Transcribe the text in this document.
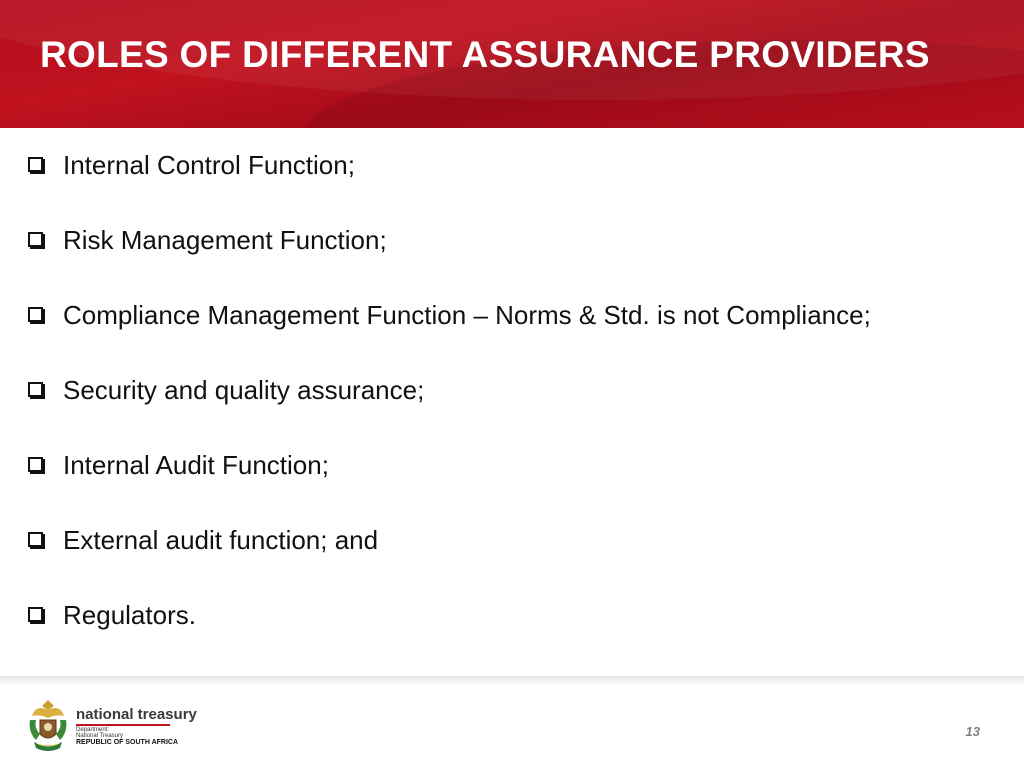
ROLES OF DIFFERENT ASSURANCE PROVIDERS
Internal Control Function;
Risk Management Function;
Compliance Management Function – Norms & Std. is not Compliance;
Security and quality assurance;
Internal Audit Function;
External audit function; and
Regulators.
national treasury
Department:
National Treasury
REPUBLIC OF SOUTH AFRICA
13
